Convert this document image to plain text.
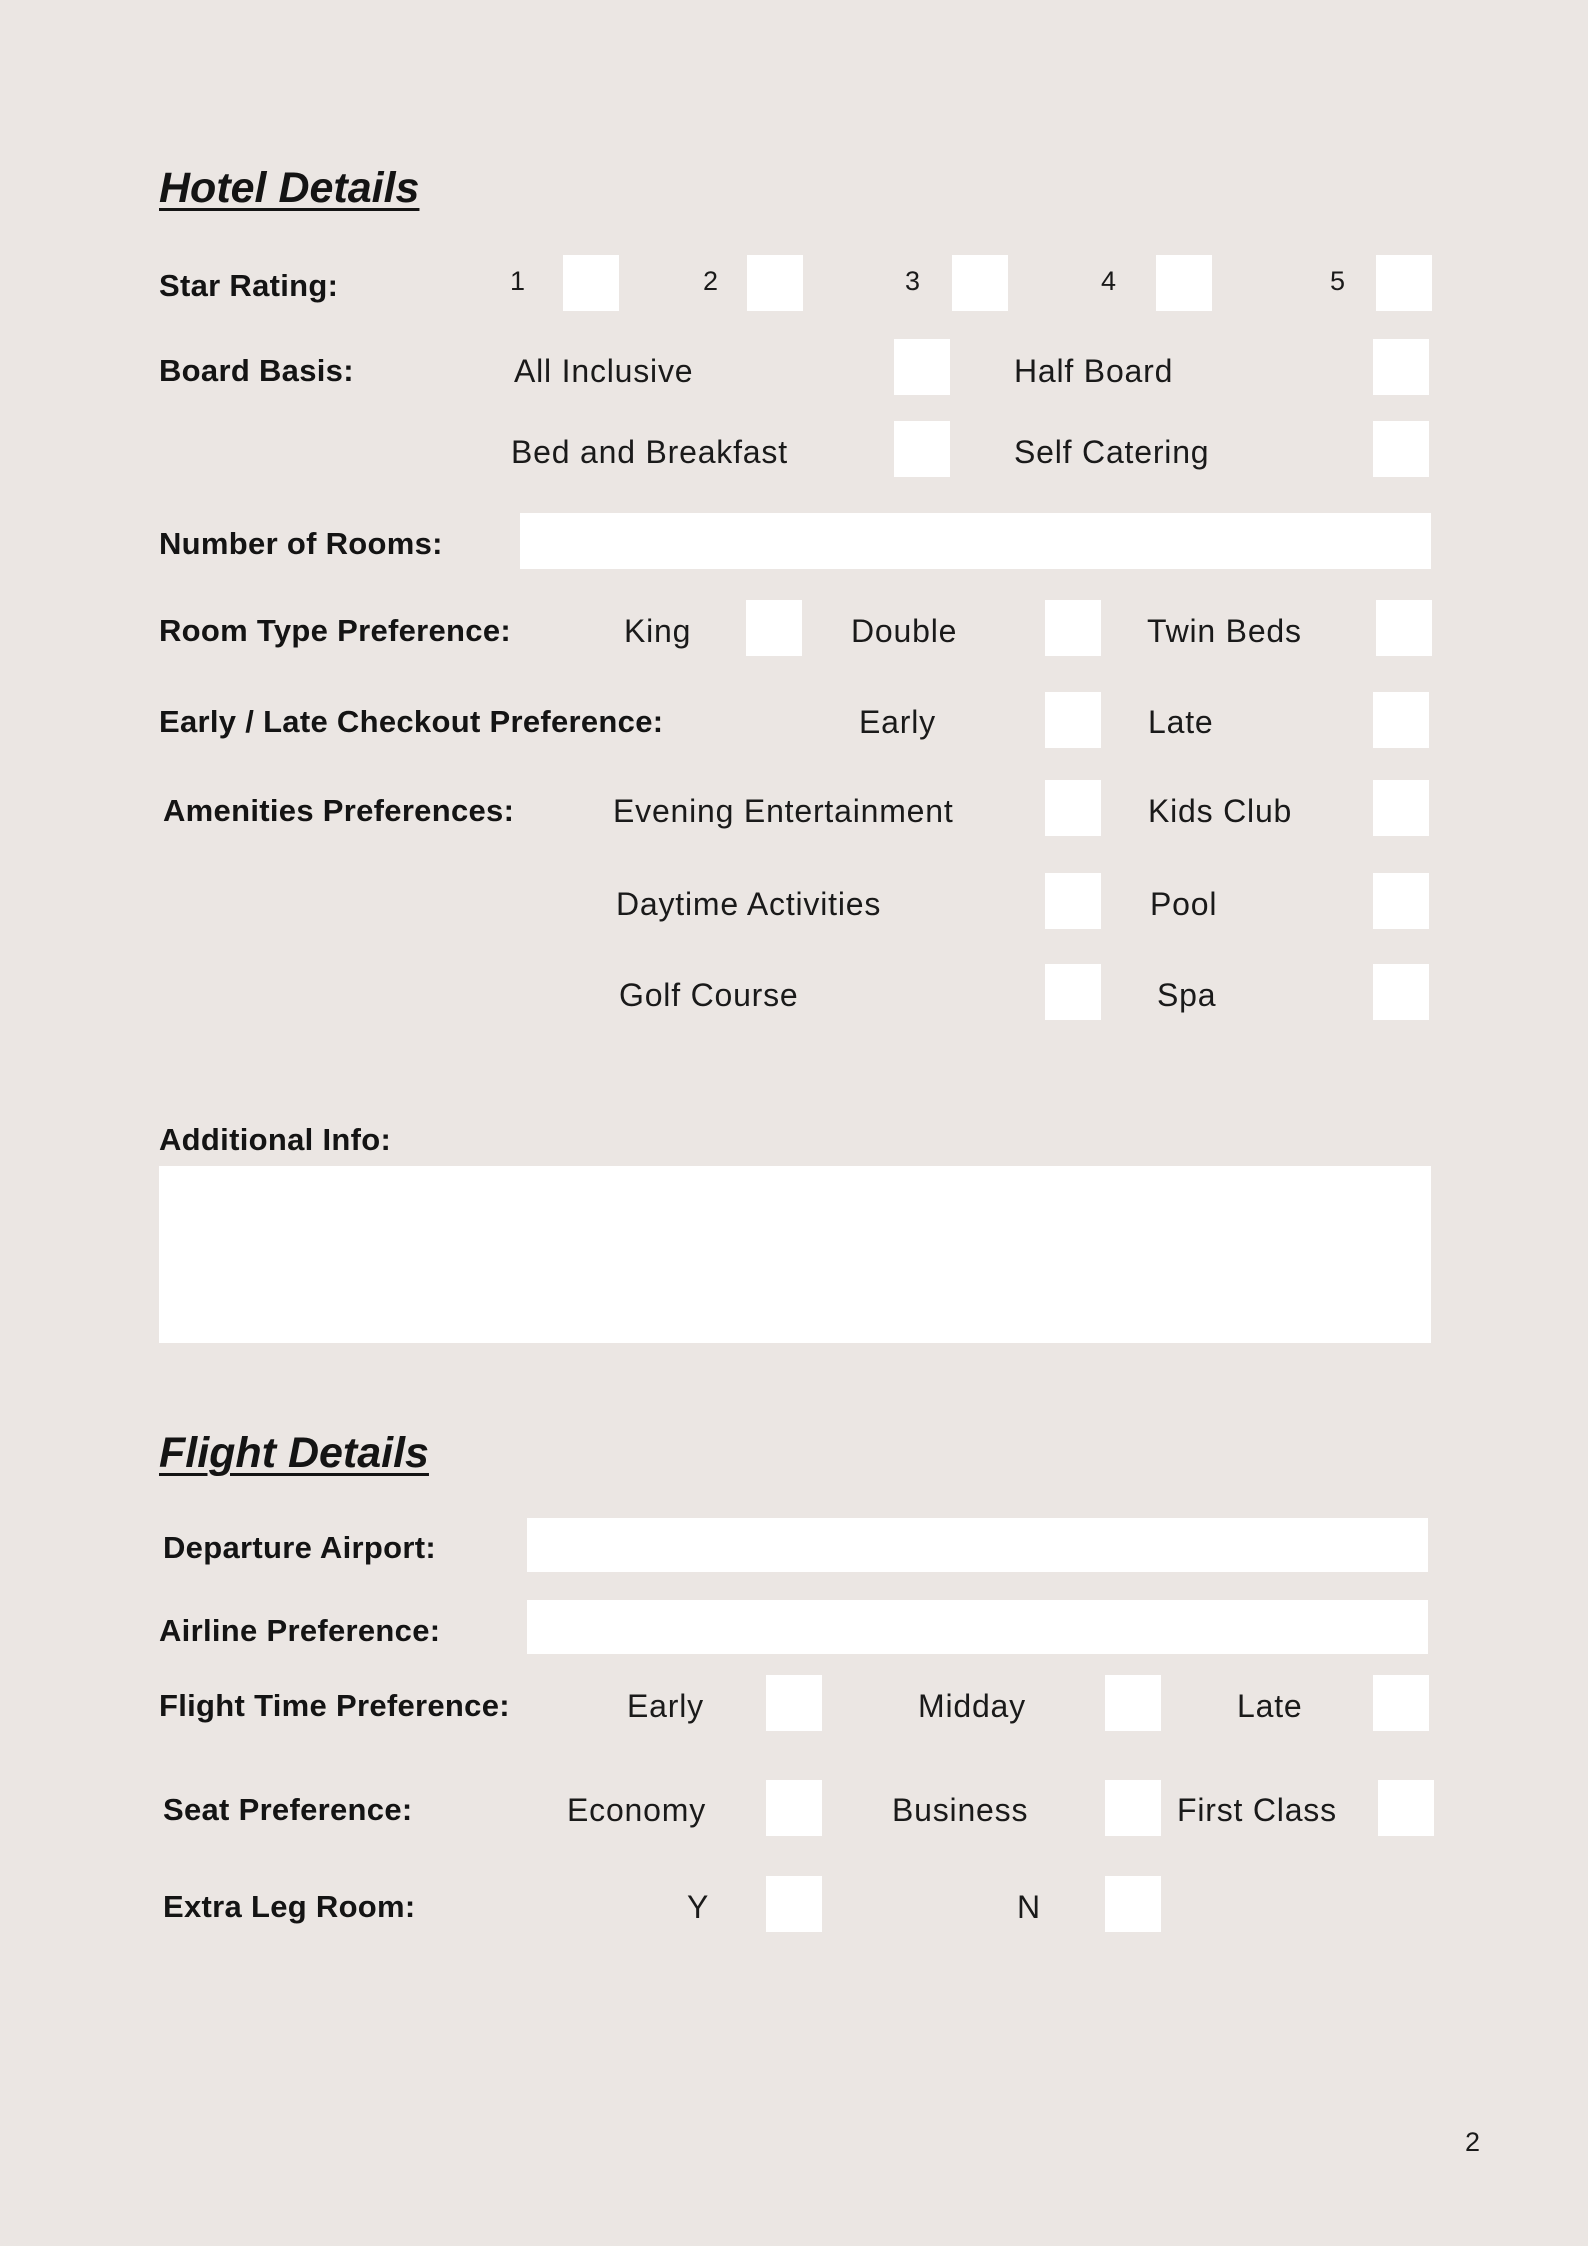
Hotel Details
Star Rating:	1	2	3	4	5
Board Basis:	All Inclusive	Half Board
Bed and Breakfast	Self Catering
Number of Rooms:
Room Type Preference:	King	Double	Twin Beds
Early / Late Checkout Preference:	Early	Late
Amenities Preferences:	Evening Entertainment	Kids Club
Daytime Activities	Pool
Golf Course	Spa
Additional Info:
Flight Details
Departure Airport:
Airline Preference:
Flight Time Preference:	Early	Midday	Late
Seat Preference:	Economy	Business	First Class
Extra Leg Room:	Y	N
2
